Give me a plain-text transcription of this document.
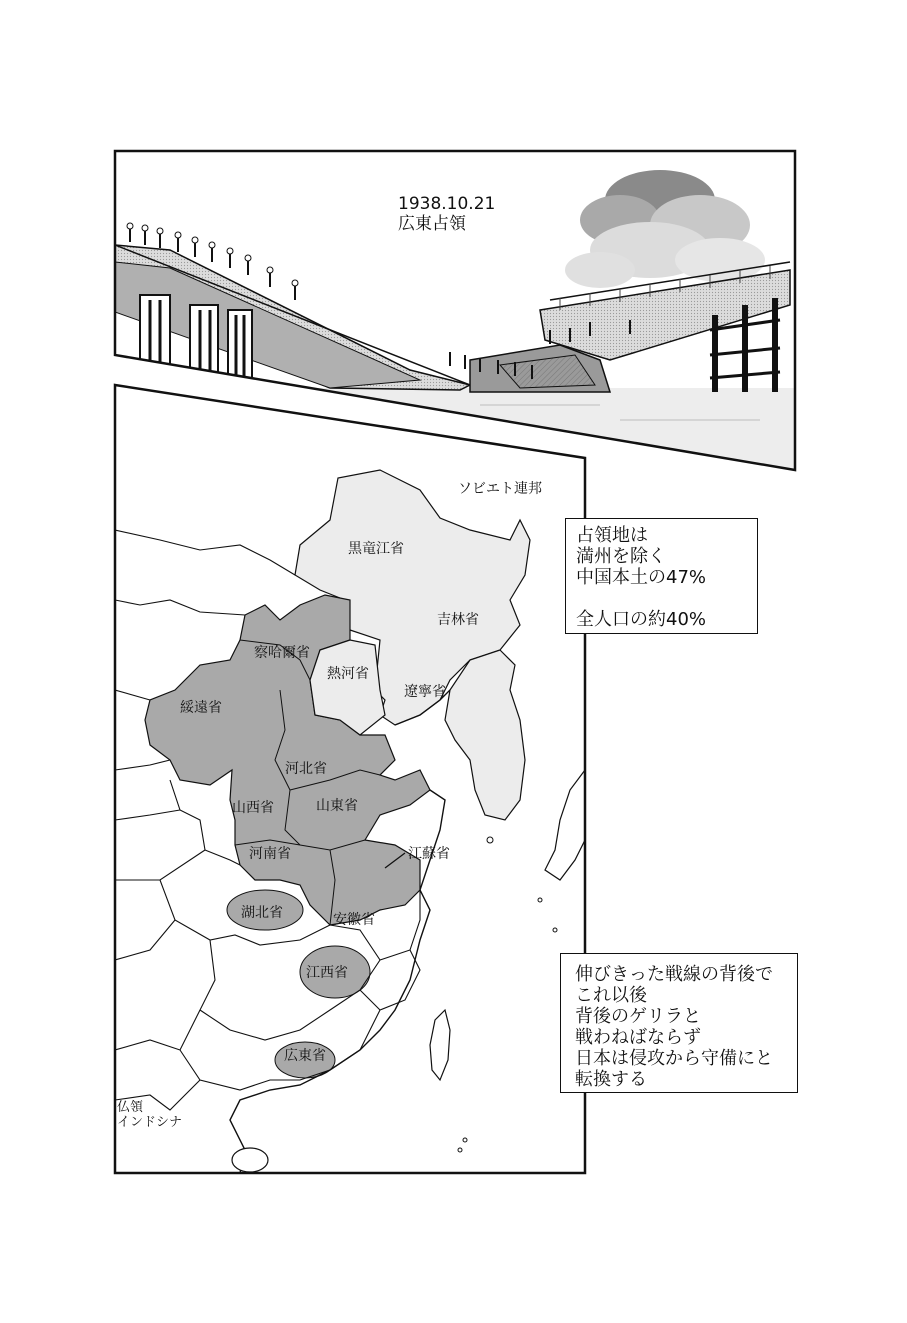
1938.10.21
広東占領
占領地は
満州を除く
中国本土の47%

全人口の約40%
伸びきった戦線の背後で
これ以後
背後のゲリラと
戦わねばならず
日本は侵攻から守備にと
転換する
ソビエト連邦
黒竜江省
吉林省
察哈爾省
熱河省
遼寧省
綏遠省
河北省
山西省	山東省
江蘇省
河南省
湖北省	安徽省
江西省
広東省
仏領
インドシナ
